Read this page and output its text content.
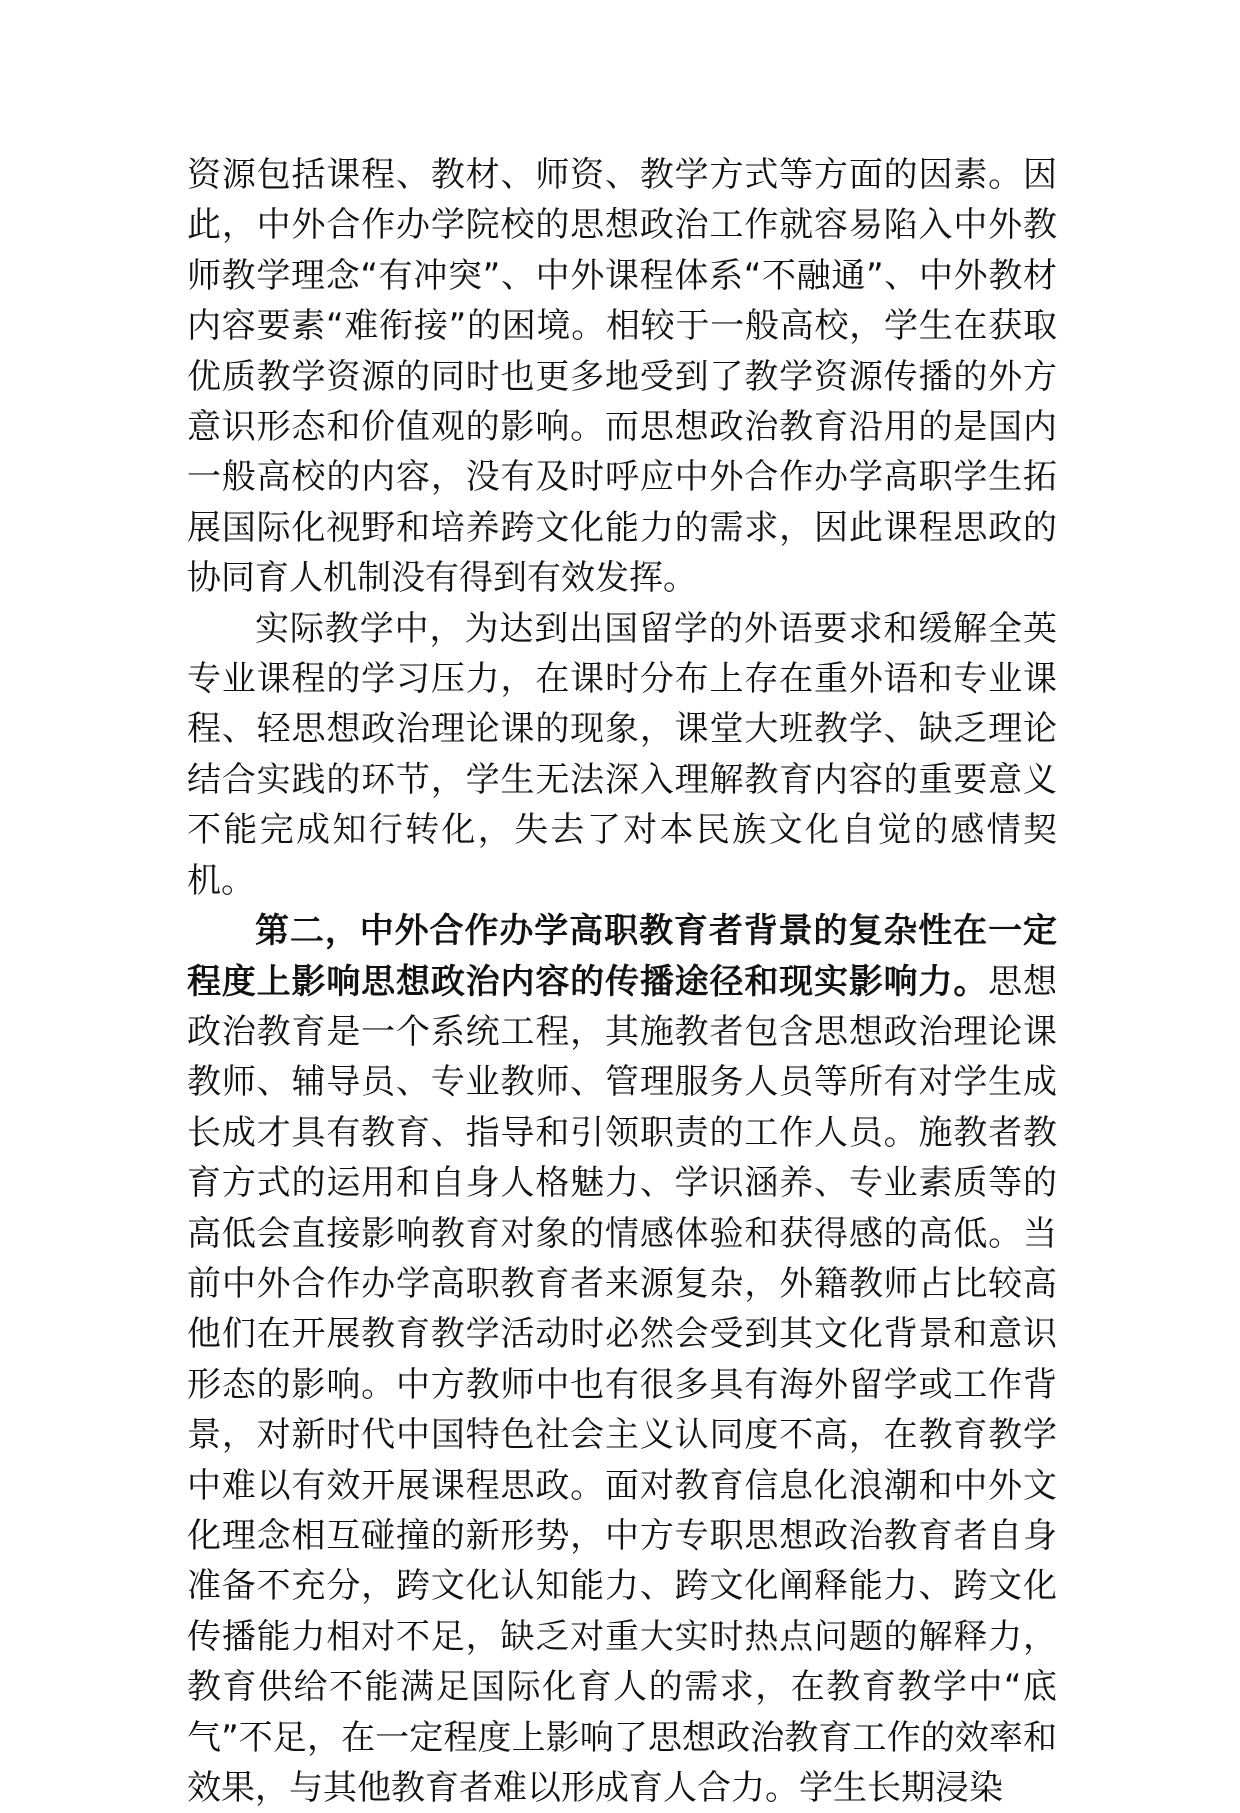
资源包括课程、教材、师资、教学方式等方面的因素。因此，中外合作办学院校的思想政治工作就容易陷入中外教师教学理念“有冲突”、中外课程体系“不融通”、中外教材内容要素“难衔接”的困境。相较于一般高校，学生在获取优质教学资源的同时也更多地受到了教学资源传播的外方意识形态和价值观的影响。而思想政治教育沿用的是国内一般高校的内容，没有及时呼应中外合作办学高职学生拓展国际化视野和培养跨文化能力的需求，因此课程思政的协同育人机制没有得到有效发挥。

实际教学中，为达到出国留学的外语要求和缓解全英专业课程的学习压力，在课时分布上存在重外语和专业课程、轻思想政治理论课的现象，课堂大班教学、缺乏理论结合实践的环节，学生无法深入理解教育内容的重要意义不能完成知行转化，失去了对本民族文化自觉的感情契机。

第二，中外合作办学高职教育者背景的复杂性在一定程度上影响思想政治内容的传播途径和现实影响力。思想政治教育是一个系统工程，其施教者包含思想政治理论课教师、辅导员、专业教师、管理服务人员等所有对学生成长成才具有教育、指导和引领职责的工作人员。施教者教育方式的运用和自身人格魅力、学识涵养、专业素质等的高低会直接影响教育对象的情感体验和获得感的高低。当前中外合作办学高职教育者来源复杂，外籍教师占比较高他们在开展教育教学活动时必然会受到其文化背景和意识形态的影响。中方教师中也有很多具有海外留学或工作背景，对新时代中国特色社会主义认同度不高，在教育教学中难以有效开展课程思政。面对教育信息化浪潮和中外文化理念相互碰撞的新形势，中方专职思想政治教育者自身准备不充分，跨文化认知能力、跨文化阐释能力、跨文化传播能力相对不足，缺乏对重大实时热点问题的解释力，教育供给不能满足国际化育人的需求，在教育教学中“底气”不足，在一定程度上影响了思想政治教育工作的效率和效果，与其他教育者难以形成育人合力。学生长期浸染
